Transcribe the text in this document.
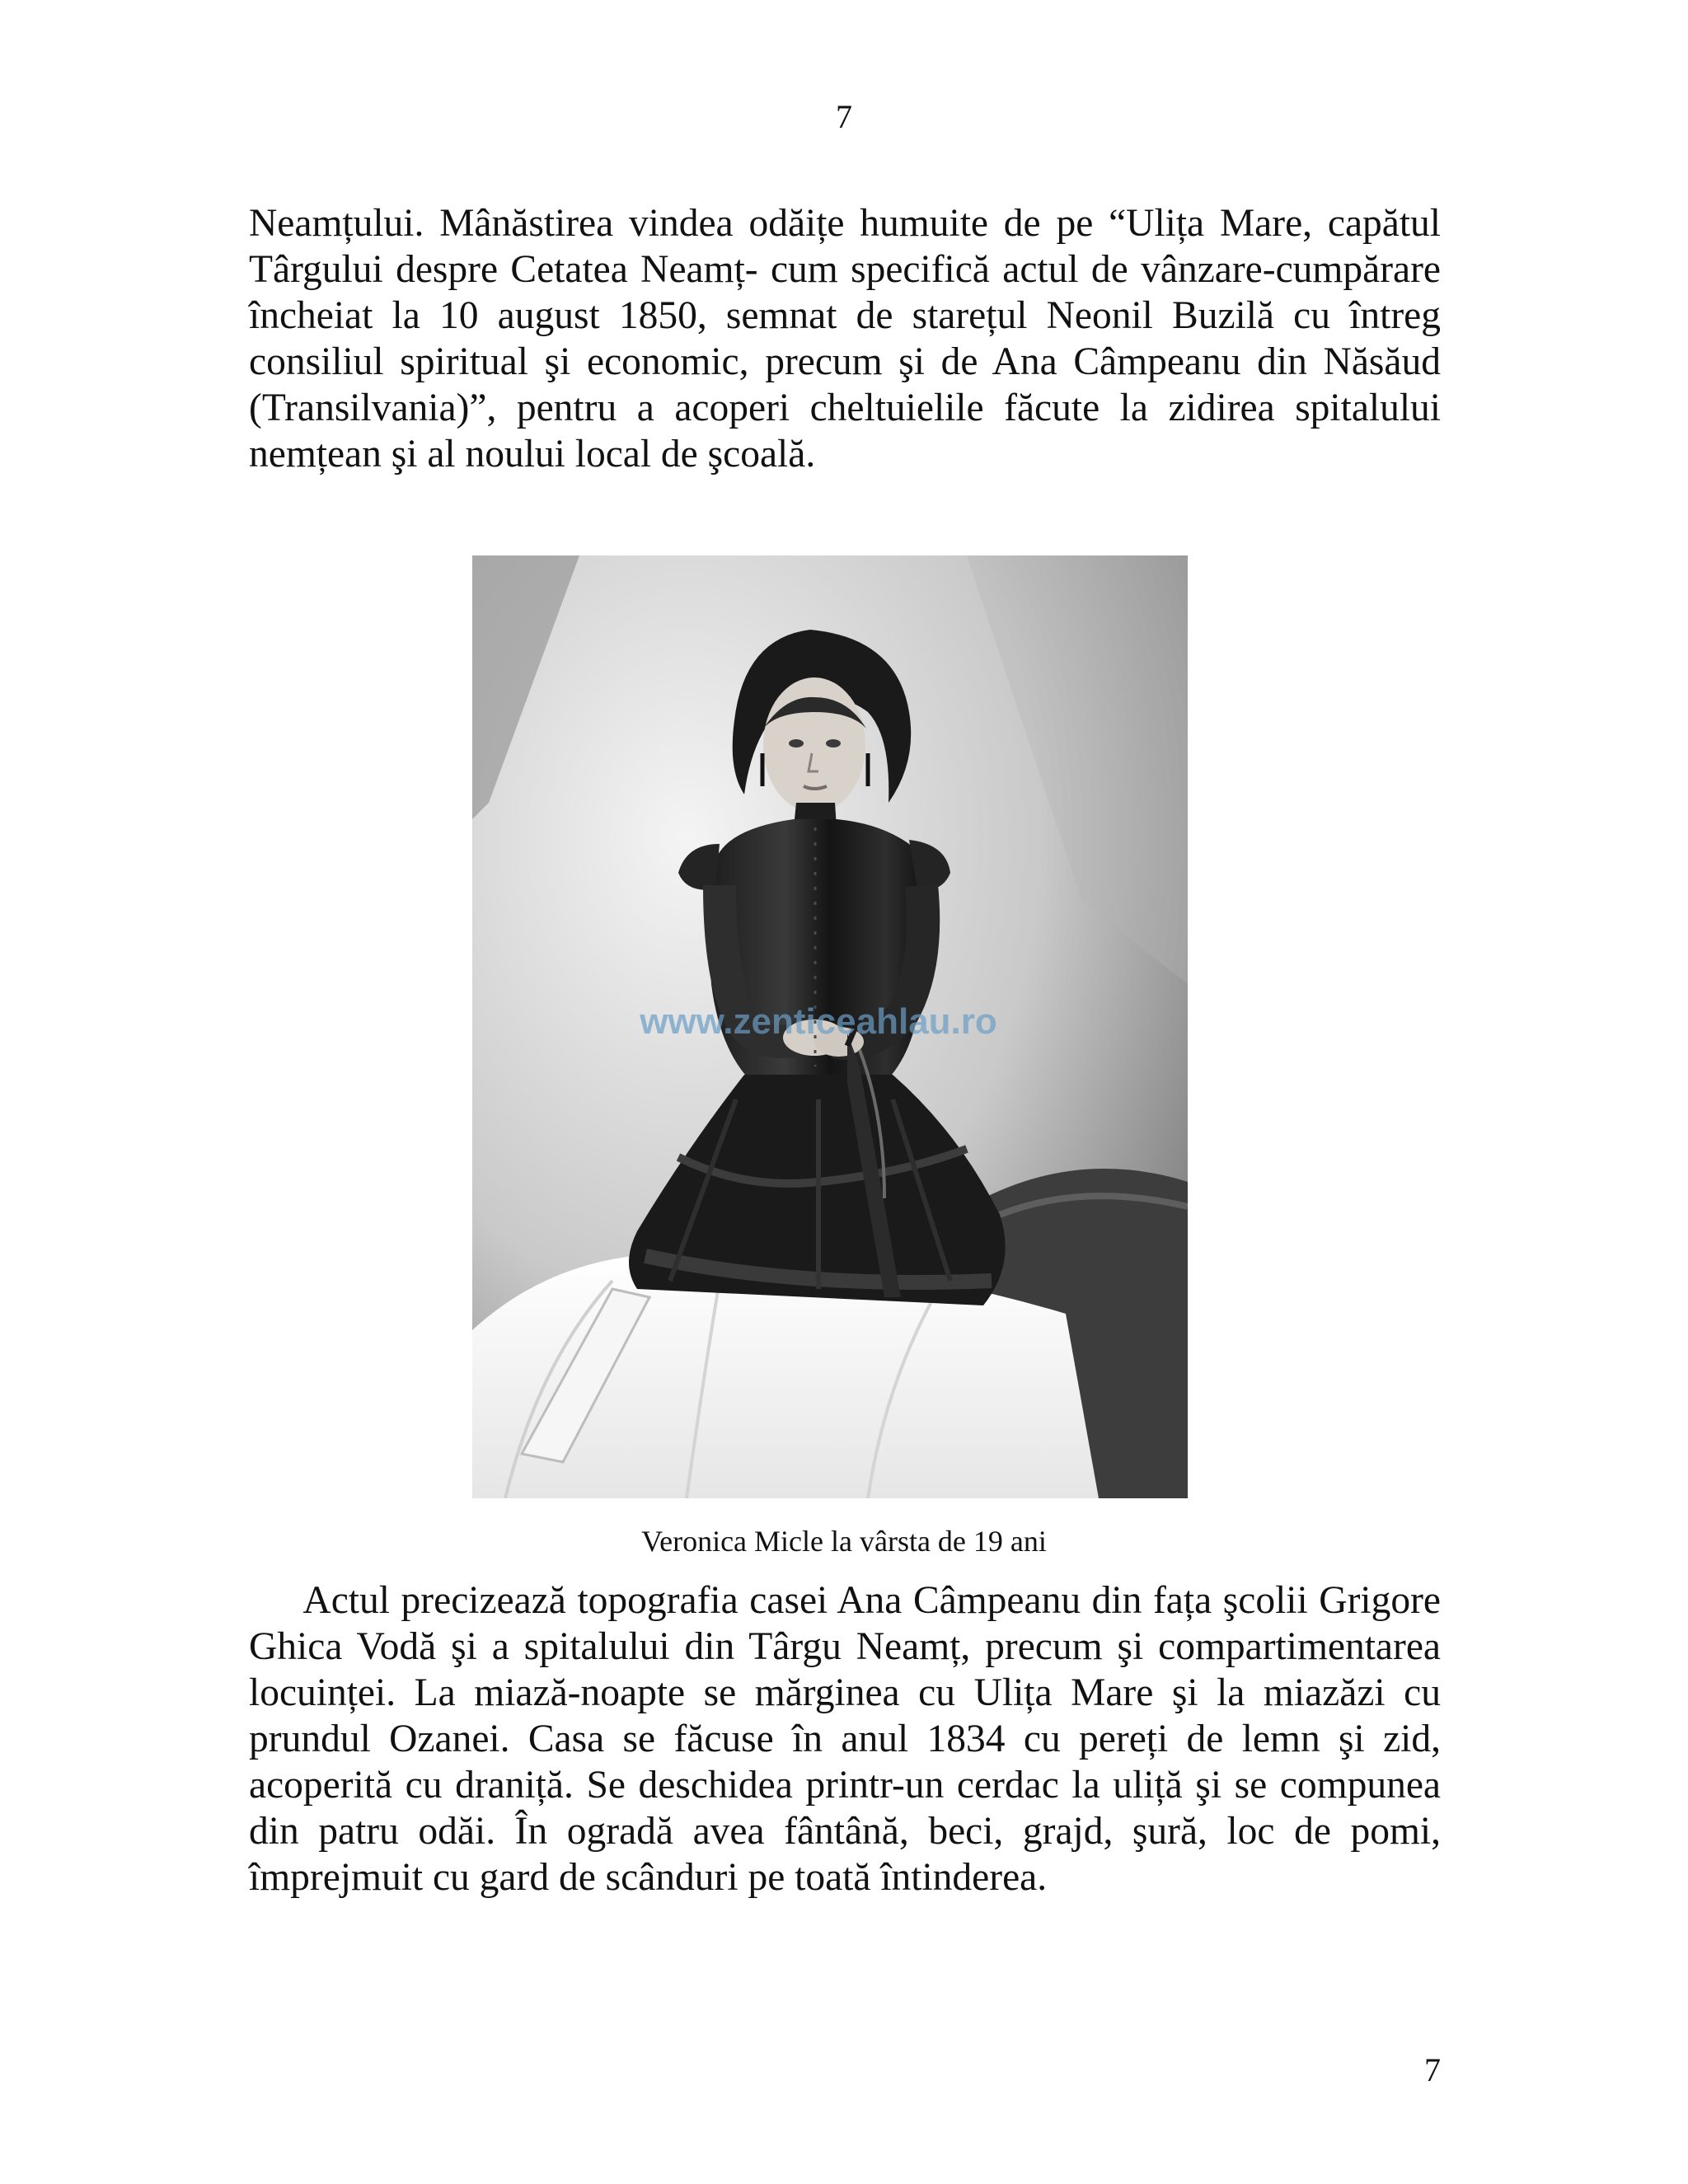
7

Neamțului. Mânăstirea vindea odăițe humuite de pe “Ulița Mare, capătul
Târgului despre Cetatea Neamț- cum specifică actul de vânzare-cumpărare
încheiat la 10 august 1850, semnat de starețul Neonil Buzilă cu întreg
consiliul spiritual şi economic, precum şi de Ana Câmpeanu din Năsăud
(Transilvania)”, pentru a acoperi cheltuielile făcute la zidirea spitalului
nemțean şi al noului local de şcoală.

www.zenticeahlau.ro
Veronica Micle la vârsta de 19 ani

Actul precizează topografia casei Ana Câmpeanu din fața şcolii Grigore
Ghica Vodă şi a spitalului din Târgu Neamț, precum şi compartimentarea
locuinței. La miază-noapte se mărginea cu Ulița Mare şi la miazăzi cu
prundul Ozanei. Casa se făcuse în anul 1834 cu pereți de lemn şi zid,
acoperită cu draniță. Se deschidea printr-un cerdac la uliță şi se compunea
din patru odăi. În ogradă avea fântână, beci, grajd, şură, loc de pomi,
împrejmuit cu gard de scânduri pe toată întinderea.

7
